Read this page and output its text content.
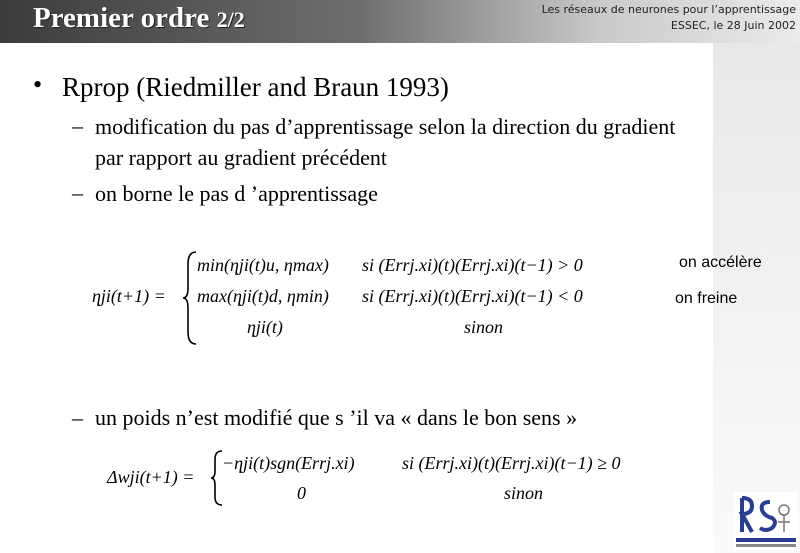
Premier ordre 2/2	Les réseaux de neurones pour l’apprentissage
ESSEC, le 28 Juin 2002
• Rprop (Riedmiller and Braun 1993)
– modification du pas d’apprentissage selon la direction du gradient par rapport au gradient précédent
– on borne le pas d ’apprentissage
ηji(t+1) =
min(ηji(t)u, ηmax) si (Errj.xi)(t)(Errj.xi)(t−1) > 0
max(ηji(t)d, ηmin) si (Errj.xi)(t)(Errj.xi)(t−1) < 0
ηji(t)	sinon
on accélère
on freine
– un poids n’est modifié que s ’il va « dans le bon sens »
Δwji(t+1) =
−ηji(t)sgn(Errj.xi)	si (Errj.xi)(t)(Errj.xi)(t−1) ≥ 0
0	sinon
